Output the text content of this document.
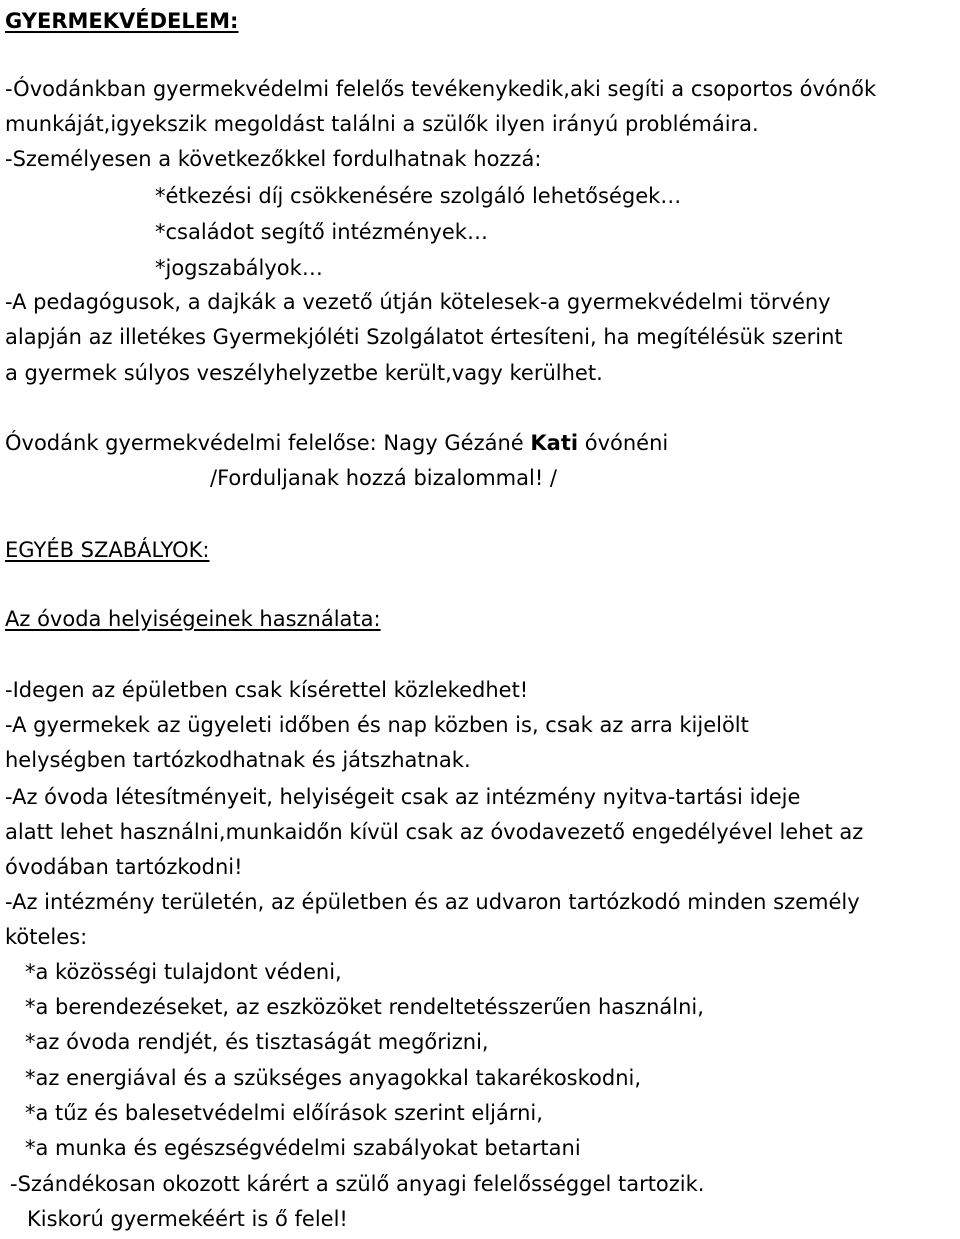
GYERMEKVÉDELEM:

-Óvodánkban gyermekvédelmi felelős tevékenykedik,aki segíti a csoportos óvónők

munkáját,igyekszik megoldást találni a szülők ilyen irányú problémáira.

-Személyesen a következőkkel fordulhatnak hozzá:

*étkezési díj csökkenésére szolgáló lehetőségek…

*családot segítő intézmények…

*jogszabályok…

-A pedagógusok, a dajkák a vezető útján kötelesek-a gyermekvédelmi törvény

alapján az illetékes Gyermekjóléti Szolgálatot értesíteni, ha megítélésük szerint

a gyermek súlyos veszélyhelyzetbe került,vagy kerülhet.

Óvodánk gyermekvédelmi felelőse: Nagy Gézáné Kati óvónéni

/Forduljanak hozzá bizalommal! /

EGYÉB SZABÁLYOK:

Az óvoda helyiségeinek használata:

-Idegen az épületben csak kísérettel közlekedhet!

-A gyermekek az ügyeleti időben és nap közben is, csak az arra kijelölt

helységben tartózkodhatnak és játszhatnak.

-Az óvoda létesítményeit, helyiségeit csak az intézmény nyitva-tartási ideje

alatt lehet használni,munkaidőn kívül csak az óvodavezető engedélyével lehet az

óvodában tartózkodni!

-Az intézmény területén, az épületben és az udvaron tartózkodó minden személy

köteles:

*a közösségi tulajdont védeni,

*a berendezéseket, az eszközöket rendeltetésszerűen használni,

*az óvoda rendjét, és tisztaságát megőrizni,

*az energiával és a szükséges anyagokkal takarékoskodni,

*a tűz és balesetvédelmi előírások szerint eljárni,

*a munka és egészségvédelmi szabályokat betartani

-Szándékosan okozott kárért a szülő anyagi felelősséggel tartozik.

Kiskorú gyermekéért is ő felel!
